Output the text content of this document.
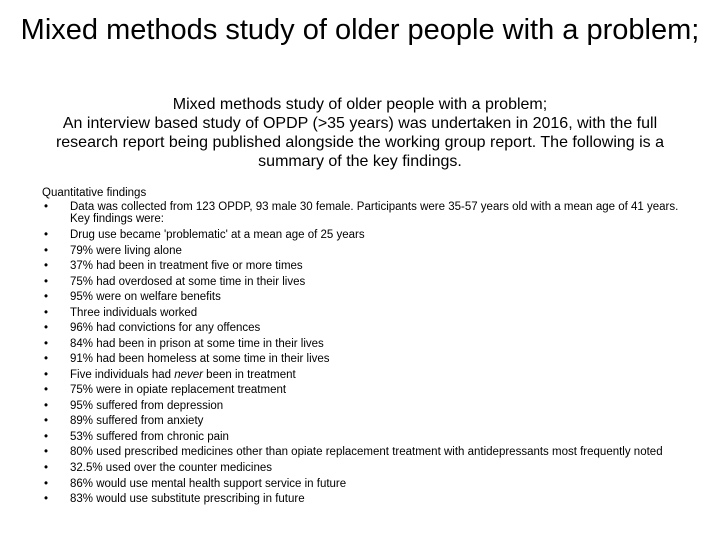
Mixed methods study of older people with a problem;

Mixed methods study of older people with a problem;

An interview based study of OPDP (>35 years) was undertaken in 2016, with the full research report being published alongside the working group report. The following is a summary of the key findings.

Quantitative findings
• Data was collected from 123 OPDP, 93 male 30 female. Participants were 35-57 years old with a mean age of 41 years. Key findings were:
• Drug use became 'problematic' at a mean age of 25 years
• 79% were living alone
• 37% had been in treatment five or more times
• 75% had overdosed at some time in their lives
• 95% were on welfare benefits
• Three individuals worked
• 96% had convictions for any offences
• 84% had been in prison at some time in their lives
• 91% had been homeless at some time in their lives
• Five individuals had never been in treatment
• 75% were in opiate replacement treatment
• 95% suffered from depression
• 89% suffered from anxiety
• 53% suffered from chronic pain
• 80% used prescribed medicines other than opiate replacement treatment with antidepressants most frequently noted
• 32.5% used over the counter medicines
• 86% would use mental health support service in future
• 83% would use substitute prescribing in future
